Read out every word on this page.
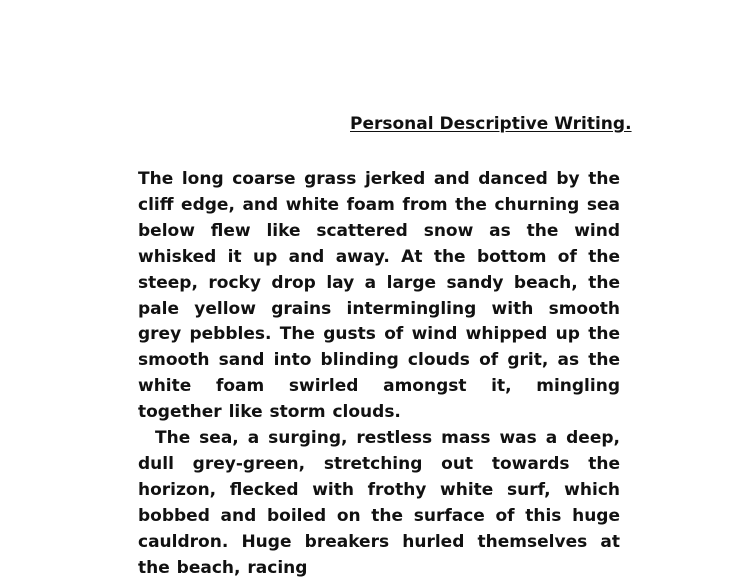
Personal Descriptive Writing.

The long coarse grass jerked and danced by the cliff edge, and white foam from the churning sea below flew like scattered snow as the wind whisked it up and away. At the bottom of the steep, rocky drop lay a large sandy beach, the pale yellow grains intermingling with smooth grey pebbles. The gusts of wind whipped up the smooth sand into blinding clouds of grit, as the white foam swirled amongst it, mingling together like storm clouds.

The sea, a surging, restless mass was a deep, dull grey-green, stretching out towards the horizon, flecked with frothy white surf, which bobbed and boiled on the surface of this huge cauldron. Huge breakers hurled themselves at the beach, racing
